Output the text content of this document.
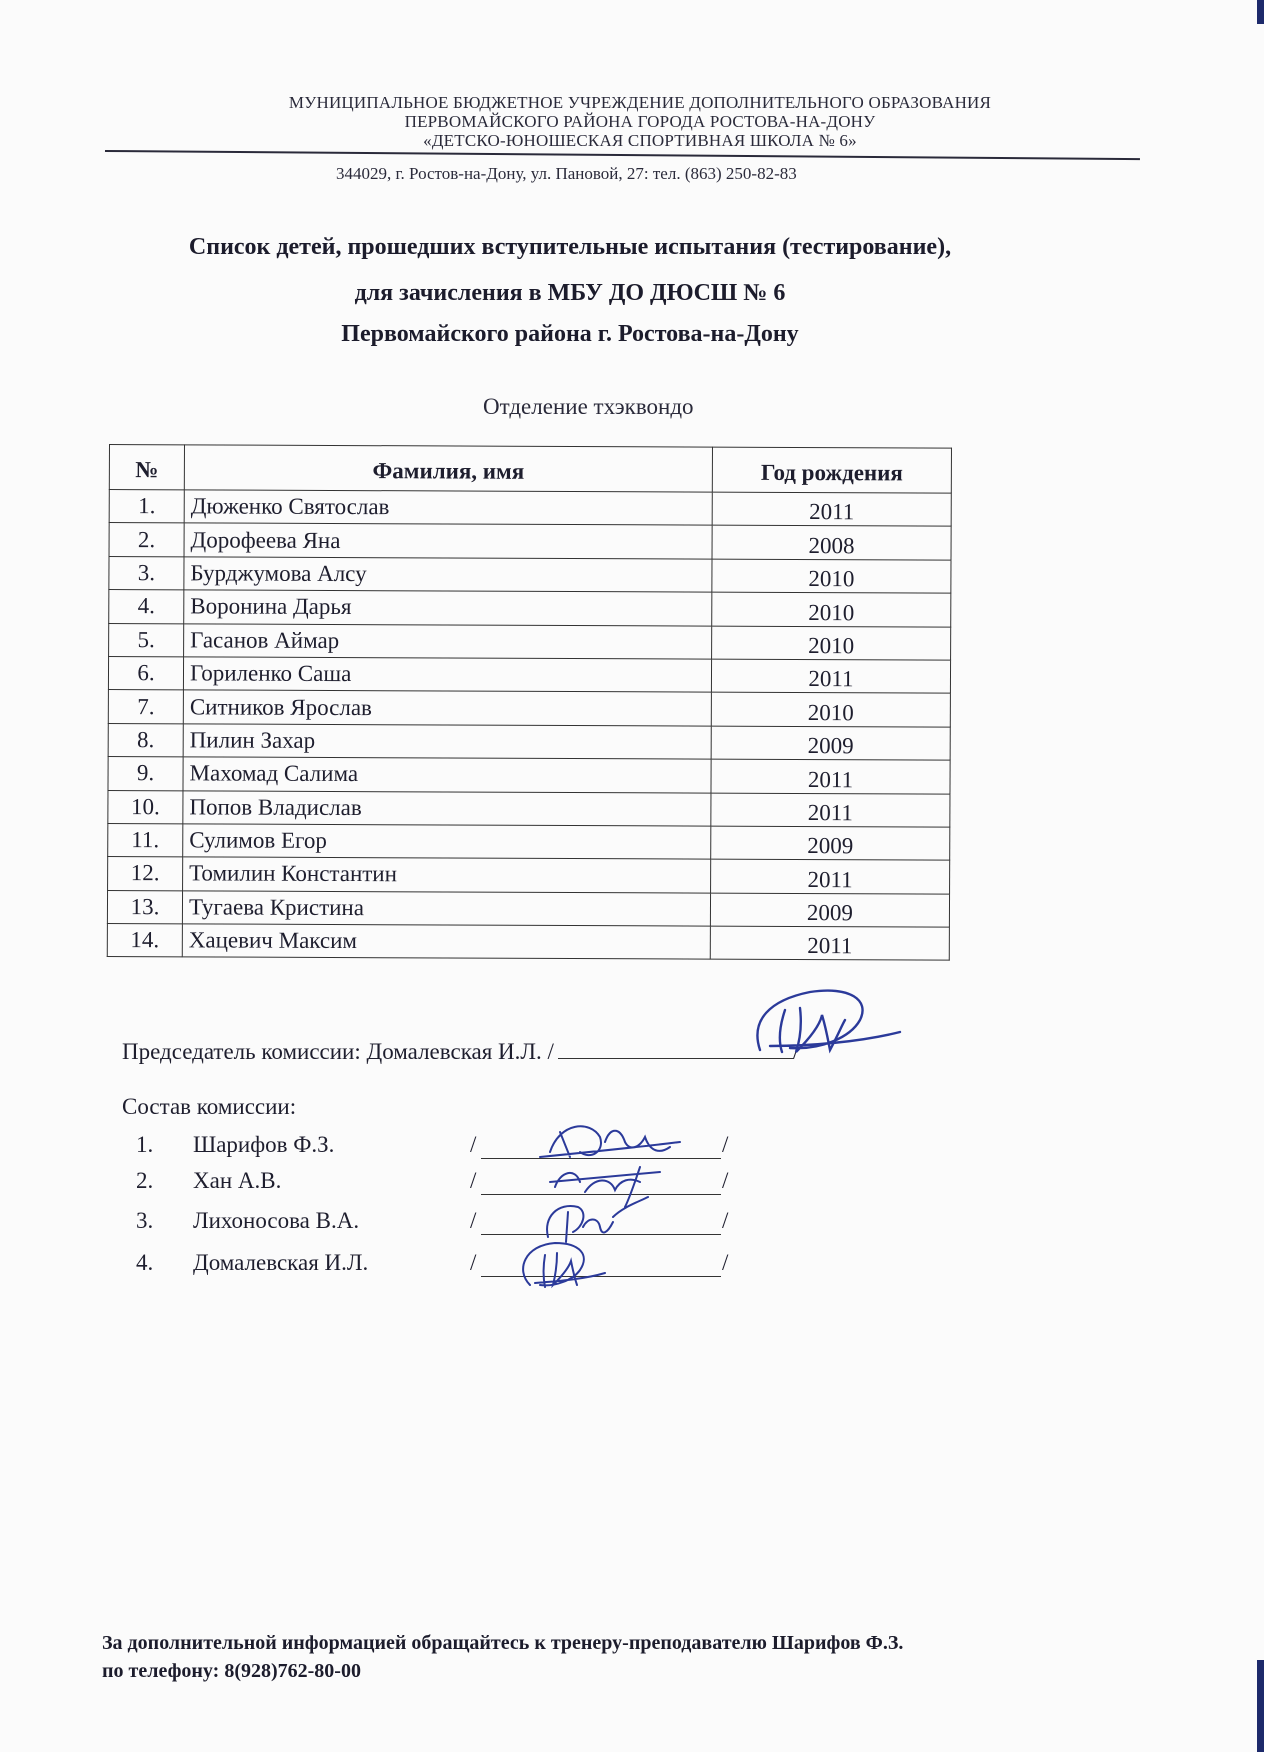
МУНИЦИПАЛЬНОЕ БЮДЖЕТНОЕ УЧРЕЖДЕНИЕ ДОПОЛНИТЕЛЬНОГО ОБРАЗОВАНИЯ
ПЕРВОМАЙСКОГО РАЙОНА ГОРОДА РОСТОВА-НА-ДОНУ
«ДЕТСКО-ЮНОШЕСКАЯ СПОРТИВНАЯ ШКОЛА № 6»
344029, г. Ростов-на-Дону, ул. Пановой, 27: тел. (863) 250-82-83
Список детей, прошедших вступительные испытания (тестирование),
для зачисления в МБУ ДО ДЮСШ № 6
Первомайского района г. Ростова-на-Дону
Отделение тхэквондо
№	Фамилия, имя	Год рождения
1.	Дюженко Святослав	2011
2.	Дорофеева Яна	2008
3.	Бурджумова Алсу	2010
4.	Воронина Дарья	2010
5.	Гасанов Аймар	2010
6.	Гориленко Саша	2011
7.	Ситников Ярослав	2010
8.	Пилин Захар	2009
9.	Махомад Салима	2011
10.	Попов Владислав	2011
11.	Сулимов Егор	2009
12.	Томилин Константин	2011
13.	Тугаева Кристина	2009
14.	Хацевич Максим	2011
Председатель комиссии: Домалевская И.Л. /	/
Состав комиссии:
1. Шарифов Ф.З.	/	/
2. Хан А.В.	/	/
3. Лихоносова В.А.	/	/
4. Домалевская И.Л.	/	/
За дополнительной информацией обращайтесь к тренеру-преподавателю Шарифов Ф.З.
по телефону: 8(928)762-80-00
